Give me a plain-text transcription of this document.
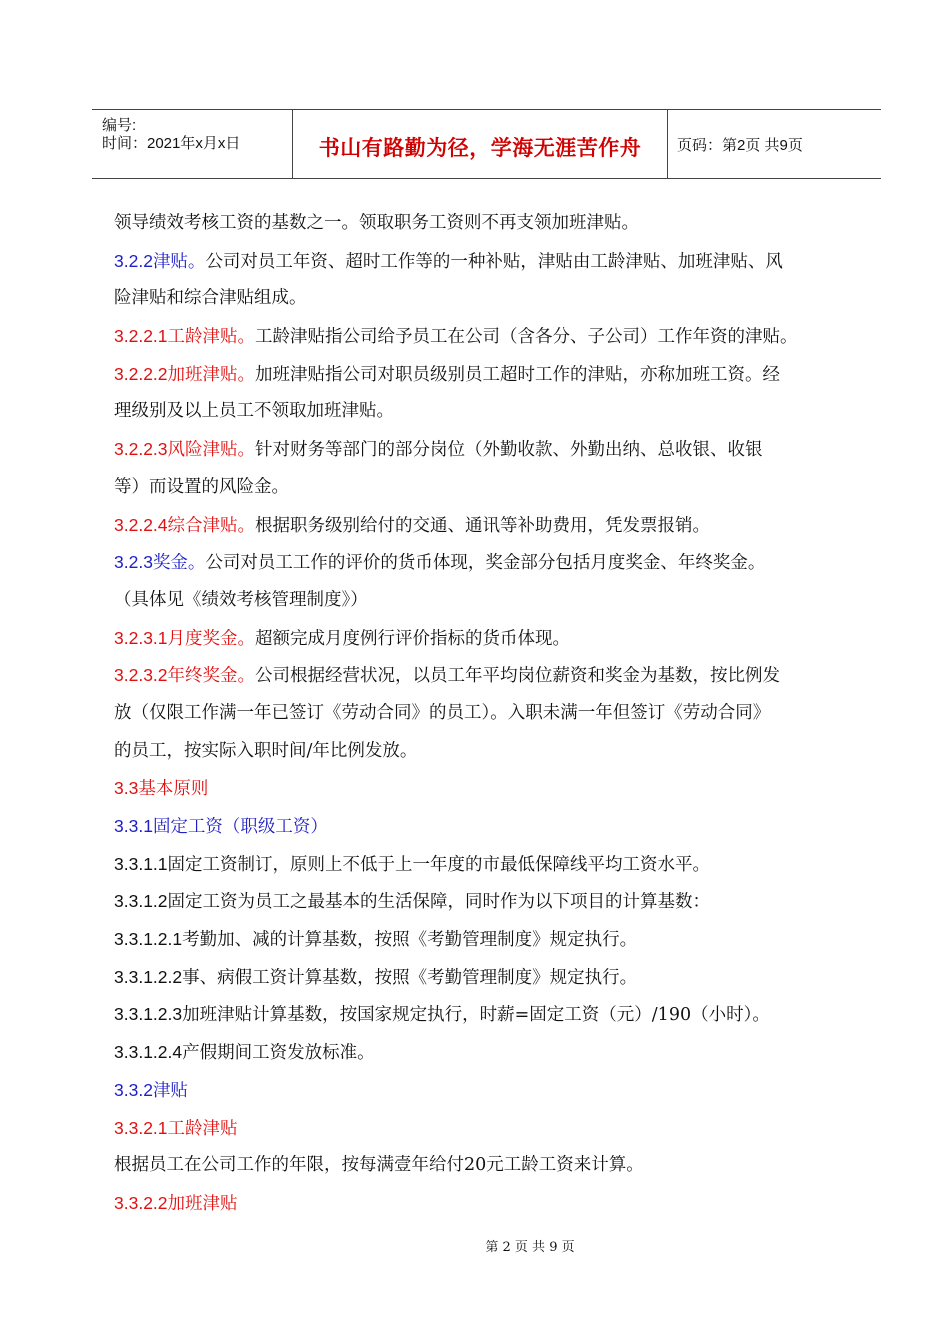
编号:
时间：2021年x月x日	书山有路勤为径，学海无涯苦作舟	页码：第2页 共9页
领导绩效考核工资的基数之一。领取职务工资则不再支领加班津贴。
3.2.2津贴。公司对员工年资、超时工作等的一种补贴，津贴由工龄津贴、加班津贴、风
险津贴和综合津贴组成。
3.2.2.1工龄津贴。工龄津贴指公司给予员工在公司（含各分、子公司）工作年资的津贴。
3.2.2.2加班津贴。加班津贴指公司对职员级别员工超时工作的津贴，亦称加班工资。经
理级别及以上员工不领取加班津贴。
3.2.2.3风险津贴。针对财务等部门的部分岗位（外勤收款、外勤出纳、总收银、收银
等）而设置的风险金。
3.2.2.4综合津贴。根据职务级别给付的交通、通讯等补助费用，凭发票报销。
3.2.3奖金。公司对员工工作的评价的货币体现，奖金部分包括月度奖金、年终奖金。
（具体见《绩效考核管理制度》）
3.2.3.1月度奖金。超额完成月度例行评价指标的货币体现。
3.2.3.2年终奖金。公司根据经营状况，以员工年平均岗位薪资和奖金为基数，按比例发
放（仅限工作满一年已签订《劳动合同》的员工）。入职未满一年但签订《劳动合同》
的员工，按实际入职时间/年比例发放。
3.3基本原则
3.3.1固定工资（职级工资）
3.3.1.1固定工资制订，原则上不低于上一年度的市最低保障线平均工资水平。
3.3.1.2固定工资为员工之最基本的生活保障，同时作为以下项目的计算基数：
3.3.1.2.1考勤加、减的计算基数，按照《考勤管理制度》规定执行。
3.3.1.2.2事、病假工资计算基数，按照《考勤管理制度》规定执行。
3.3.1.2.3加班津贴计算基数，按国家规定执行，时薪=固定工资（元）/190（小时）。
3.3.1.2.4产假期间工资发放标准。
3.3.2津贴
3.3.2.1工龄津贴
根据员工在公司工作的年限，按每满壹年给付20元工龄工资来计算。
3.3.2.2加班津贴
第 2 页 共 9 页
